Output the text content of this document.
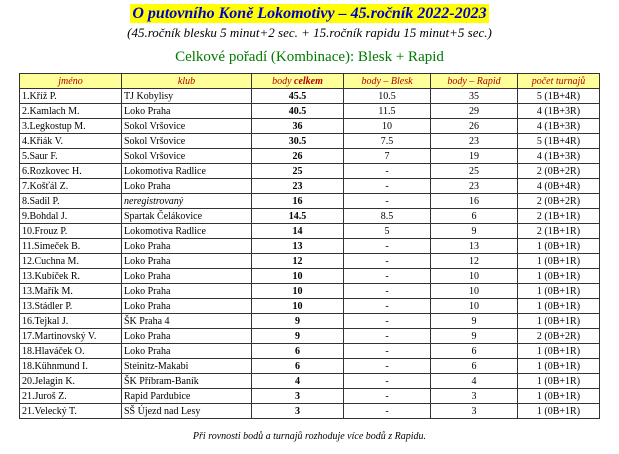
O putovního Koně Lokomotivy – 45.ročník 2022-2023
(45.ročník blesku 5 minut+2 sec. + 15.ročník rapidu 15 minut+5 sec.)
Celkové pořadí (Kombinace): Blesk + Rapid
jméno	klub	body celkem	body – Blesk	body – Rapid	počet turnajů
1.Kříž P.	TJ Kobylisy	45.5	10.5	35	5 (1B+4R)
2.Kamlach M.	Loko Praha	40.5	11.5	29	4 (1B+3R)
3.Legkostup M.	Sokol Vršovice	36	10	26	4 (1B+3R)
4.Křiák V.	Sokol Vršovice	30.5	7.5	23	5 (1B+4R)
5.Saur F.	Sokol Vršovice	26	7	19	4 (1B+3R)
6.Rozkovec H.	Lokomotiva Radlice	25	-	25	2 (0B+2R)
7.Košťál Z.	Loko Praha	23	-	23	4 (0B+4R)
8.Sadil P.	neregistrovaný	16	-	16	2 (0B+2R)
9.Bohdal J.	Spartak Čelákovice	14.5	8.5	6	2 (1B+1R)
10.Frouz P.	Lokomotiva Radlice	14	5	9	2 (1B+1R)
11.Simeček B.	Loko Praha	13	-	13	1 (0B+1R)
12.Cuchna M.	Loko Praha	12	-	12	1 (0B+1R)
13.Kubíček R.	Loko Praha	10	-	10	1 (0B+1R)
13.Mařík M.	Loko Praha	10	-	10	1 (0B+1R)
13.Stádler P.	Loko Praha	10	-	10	1 (0B+1R)
16.Tejkal J.	ŠK Praha 4	9	-	9	1 (0B+1R)
17.Martinovský V.	Loko Praha	9	-	9	2 (0B+2R)
18.Hlaváček O.	Loko Praha	6	-	6	1 (0B+1R)
18.Kühnmund I.	Steinitz-Makabi	6	-	6	1 (0B+1R)
20.Jelagin K.	ŠK Příbram-Baník	4	-	4	1 (0B+1R)
21.Juroš Z.	Rapid Pardubice	3	-	3	1 (0B+1R)
21.Velecký T.	SŠ Újezd nad Lesy	3	-	3	1 (0B+1R)
Při rovnosti bodů a turnajů rozhoduje více bodů z Rapidu.
